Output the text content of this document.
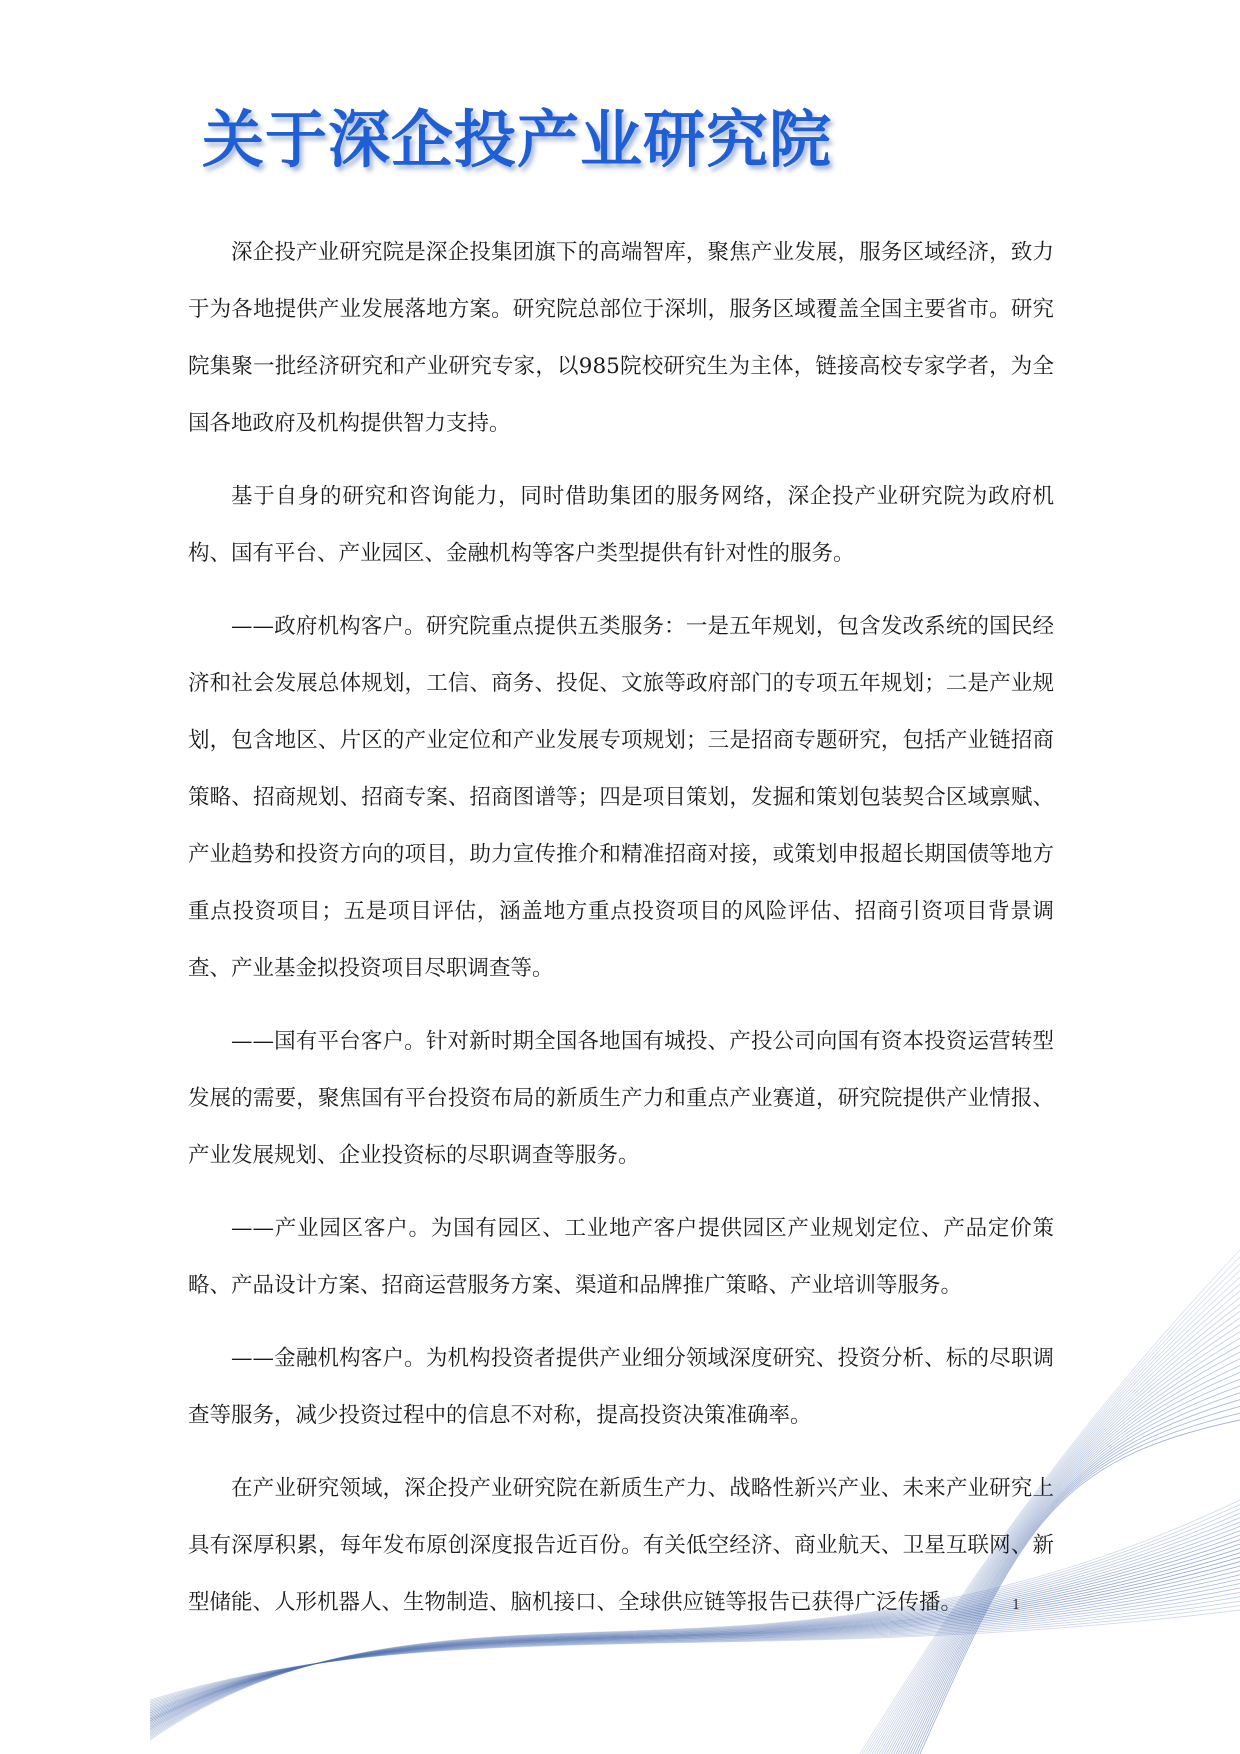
关于深企投产业研究院

深企投产业研究院是深企投集团旗下的高端智库，聚焦产业发展，服务区域经济，致力于为各地提供产业发展落地方案。研究院总部位于深圳，服务区域覆盖全国主要省市。研究院集聚一批经济研究和产业研究专家，以985院校研究生为主体，链接高校专家学者，为全国各地政府及机构提供智力支持。

基于自身的研究和咨询能力，同时借助集团的服务网络，深企投产业研究院为政府机构、国有平台、产业园区、金融机构等客户类型提供有针对性的服务。

——政府机构客户。研究院重点提供五类服务：一是五年规划，包含发改系统的国民经济和社会发展总体规划，工信、商务、投促、文旅等政府部门的专项五年规划；二是产业规划，包含地区、片区的产业定位和产业发展专项规划；三是招商专题研究，包括产业链招商策略、招商规划、招商专案、招商图谱等；四是项目策划，发掘和策划包装契合区域禀赋、产业趋势和投资方向的项目，助力宣传推介和精准招商对接，或策划申报超长期国债等地方重点投资项目；五是项目评估，涵盖地方重点投资项目的风险评估、招商引资项目背景调查、产业基金拟投资项目尽职调查等。

——国有平台客户。针对新时期全国各地国有城投、产投公司向国有资本投资运营转型发展的需要，聚焦国有平台投资布局的新质生产力和重点产业赛道，研究院提供产业情报、产业发展规划、企业投资标的尽职调查等服务。

——产业园区客户。为国有园区、工业地产客户提供园区产业规划定位、产品定价策略、产品设计方案、招商运营服务方案、渠道和品牌推广策略、产业培训等服务。

——金融机构客户。为机构投资者提供产业细分领域深度研究、投资分析、标的尽职调查等服务，减少投资过程中的信息不对称，提高投资决策准确率。

在产业研究领域，深企投产业研究院在新质生产力、战略性新兴产业、未来产业研究上具有深厚积累，每年发布原创深度报告近百份。有关低空经济、商业航天、卫星互联网、新型储能、人形机器人、生物制造、脑机接口、全球供应链等报告已获得广泛传播。	1
